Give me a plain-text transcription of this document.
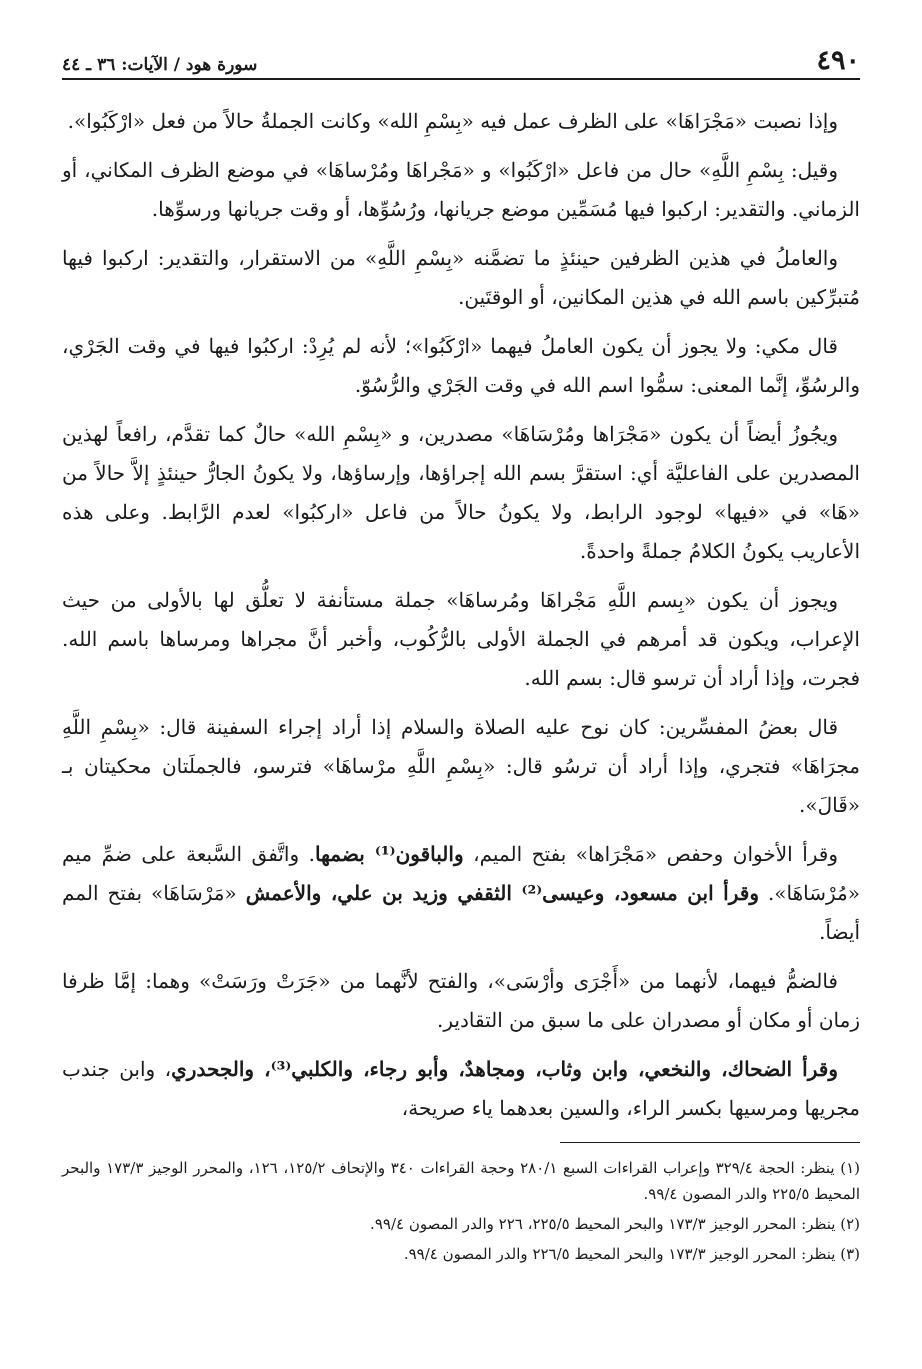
٤٩٠
سورة هود / الآيات: ٣٦ ـ ٤٤

وإذا نصبت «مَجْرَاهَا» على الظرف عمل فيه «بِسْمِ الله» وكانت الجملةُ حالاً من فعل «ارْكَبُوا».

وقيل: بِسْمِ اللَّهِ» حال من فاعل «ارْكَبُوا» و «مَجْراهَا ومُرْساهَا» في موضع الظرف المكاني، أو الزماني. والتقدير: اركبوا فيها مُسَمِّين موضع جريانها، ورُسُوِّها، أو وقت جريانها ورسوِّها.

والعاملُ في هذين الظرفين حينئذٍ ما تضمَّنه «بِسْمِ اللَّهِ» من الاستقرار، والتقدير: اركبوا فيها مُتبرِّكين باسم الله في هذين المكانين، أو الوقتَين.

قال مكي: ولا يجوز أن يكون العاملُ فيهما «ارْكَبُوا»؛ لأنه لم يُرِدْ: اركبُوا فيها في وقت الجَرْي، والرسُوِّ، إنَّما المعنى: سمُّوا اسم الله في وقت الجَرْي والرُّسُوّ.

ويجُوزُ أيضاً أن يكون «مَجْرَاها ومُرْسَاهَا» مصدرين، و «بِسْمِ الله» حالٌ كما تقدَّم، رافعاً لهذين المصدرين على الفاعليَّة أي: استقرَّ بسم الله إجراؤها، وإرساؤها، ولا يكونُ الجارُّ حينئذٍ إلاَّ حالاً من «هَا» في «فيها» لوجود الرابط، ولا يكونُ حالاً من فاعل «اركبُوا» لعدم الرَّابط. وعلى هذه الأعاريب يكونُ الكلامُ جملةً واحدةً.

ويجوز أن يكون «بِسم اللَّهِ مَجْراهَا ومُرساهَا» جملة مستأنفة لا تعلُّق لها بالأولى من حيث الإعراب، ويكون قد أمرهم في الجملة الأولى بالرُّكُوب، وأخبر أنَّ مجراها ومرساها باسم الله. فجرت، وإذا أراد أن ترسو قال: بسم الله.

قال بعضُ المفسِّرين: كان نوح عليه الصلاة والسلام إذا أراد إجراء السفينة قال: «بِسْمِ اللَّهِ مجرَاهَا» فتجري، وإذا أراد أن ترسُو قال: «بِسْمِ اللَّهِ مرْساهَا» فترسو، فالجملَتان محكيتان بـ «قَالَ».

وقرأ الأخوان وحفص «مَجْرَاها» بفتح الميم، والباقون⁽¹⁾ بضمها. واتَّفق السَّبعة على ضمِّ ميم «مُرْسَاهَا». وقرأ ابن مسعود، وعيسى⁽²⁾ الثقفي وزيد بن علي، والأعمش «مَرْسَاهَا» بفتح المم أيضاً.

فالضمُّ فيهما، لأنهما من «أَجْرَى وأرْسَى»، والفتح لأنَّهما من «جَرَتْ ورَسَتْ» وهما: إمَّا ظرفا زمان أو مكان أو مصدران على ما سبق من التقادير.

وقرأ الضحاك، والنخعي، وابن وثاب، ومجاهدٌ، وأبو رجاء، والكلبي⁽³⁾، والجحدري، وابن جندب مجريها ومرسيها بكسر الراء، والسين بعدهما ياء صريحة،

(١) ينظر: الحجة ٣٢٩/٤ وإعراب القراءات السبع ٢٨٠/١ وحجة القراءات ٣٤٠ والإتحاف ١٢٥/٢، ١٢٦، والمحرر الوجيز ١٧٣/٣ والبحر المحيط ٢٢٥/٥ والدر المصون ٩٩/٤.

(٢) ينظر: المحرر الوجيز ١٧٣/٣ والبحر المحيط ٢٢٥/٥، ٢٢٦ والدر المصون ٩٩/٤.

(٣) ينظر: المحرر الوجيز ١٧٣/٣ والبحر المحيط ٢٢٦/٥ والدر المصون ٩٩/٤.
